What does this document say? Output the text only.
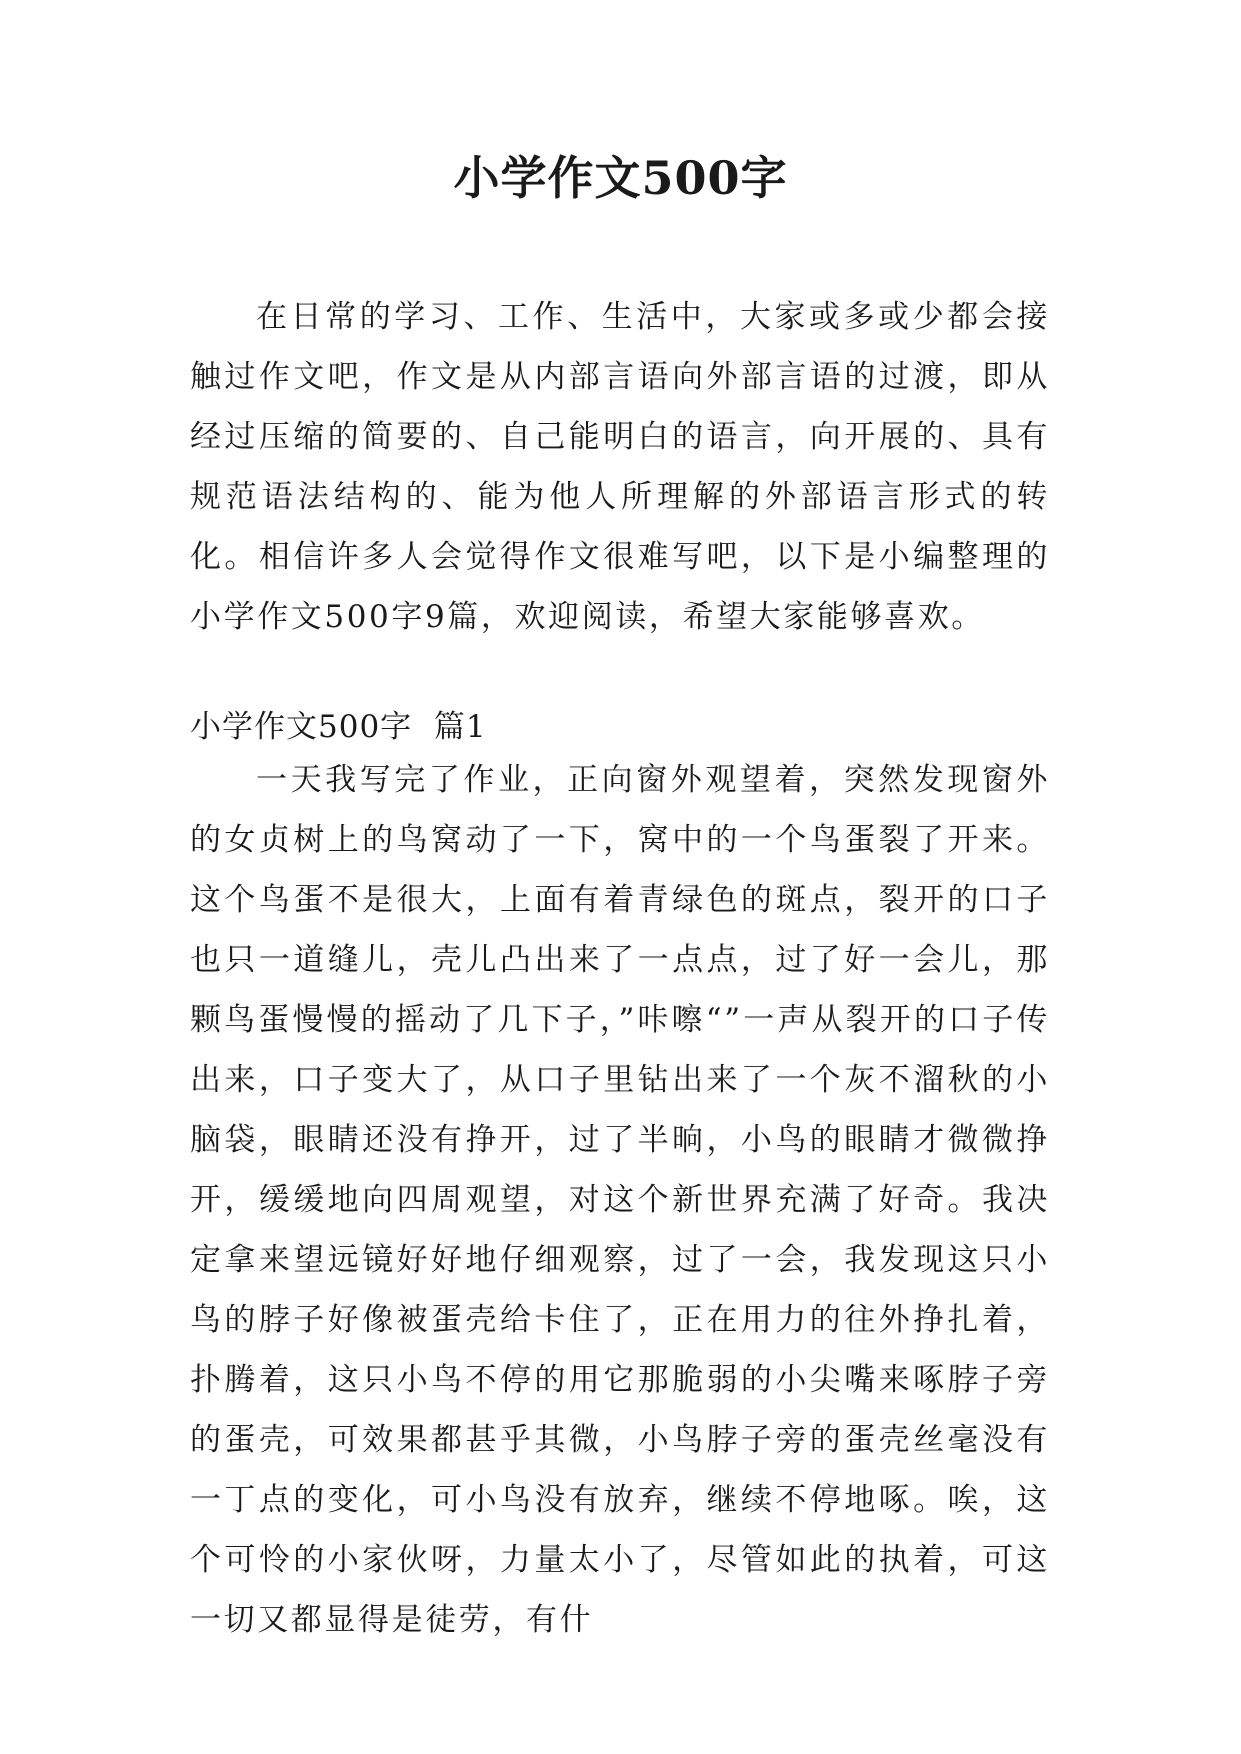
小学作文500字

在日常的学习、工作、生活中，大家或多或少都会接触过作文吧，作文是从内部言语向外部言语的过渡，即从经过压缩的简要的、自己能明白的语言，向开展的、具有规范语法结构的、能为他人所理解的外部语言形式的转化。相信许多人会觉得作文很难写吧，以下是小编整理的小学作文500字9篇，欢迎阅读，希望大家能够喜欢。

小学作文500字  篇1

一天我写完了作业，正向窗外观望着，突然发现窗外的女贞树上的鸟窝动了一下，窝中的一个鸟蛋裂了开来。这个鸟蛋不是很大，上面有着青绿色的斑点，裂开的口子也只一道缝儿，壳儿凸出来了一点点，过了好一会儿，那颗鸟蛋慢慢的摇动了几下子，”咔嚓“”一声从裂开的口子传出来，口子变大了，从口子里钻出来了一个灰不溜秋的小脑袋，眼睛还没有挣开，过了半晌，小鸟的眼睛才微微挣开，缓缓地向四周观望，对这个新世界充满了好奇。我决定拿来望远镜好好地仔细观察，过了一会，我发现这只小鸟的脖子好像被蛋壳给卡住了，正在用力的往外挣扎着，扑腾着，这只小鸟不停的用它那脆弱的小尖嘴来啄脖子旁的蛋壳，可效果都甚乎其微，小鸟脖子旁的蛋壳丝毫没有一丁点的变化，可小鸟没有放弃，继续不停地啄。唉，这个可怜的小家伙呀，力量太小了，尽管如此的执着，可这一切又都显得是徒劳，有什
